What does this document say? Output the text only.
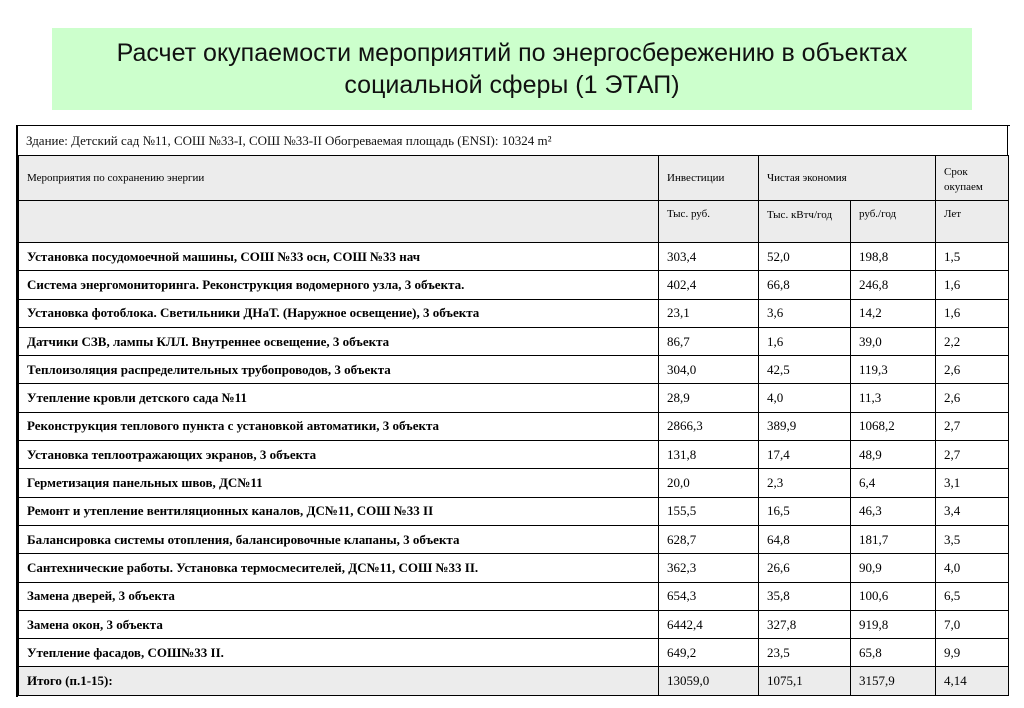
Расчет окупаемости мероприятий по энергосбережению в объектах
социальной сферы (1 ЭТАП)
Здание: Детский сад №11, СОШ №33-I, СОШ №33-II Обогреваемая площадь (ENSI): 10324 m²
Мероприятия по сохранению энергии	Инвестиции	Чистая экономия		Срок окупаем
	Тыс. руб.	Тыс. кВтч/год	руб./год	Лет
Установка посудомоечной машины, СОШ №33 осн, СОШ №33 нач	303,4	52,0	198,8	1,5
Система энергомониторинга. Реконструкция водомерного узла, 3 объекта.	402,4	66,8	246,8	1,6
Установка фотоблока. Светильники ДНаТ. (Наружное освещение), 3 объекта	23,1	3,6	14,2	1,6
Датчики СЗВ, лампы КЛЛ. Внутреннее освещение, 3 объекта	86,7	1,6	39,0	2,2
Теплоизоляция распределительных трубопроводов, 3 объекта	304,0	42,5	119,3	2,6
Утепление кровли детского сада №11	28,9	4,0	11,3	2,6
Реконструкция теплового пункта с установкой автоматики, 3 объекта	2866,3	389,9	1068,2	2,7
Установка теплоотражающих экранов, 3 объекта	131,8	17,4	48,9	2,7
Герметизация панельных швов, ДС№11	20,0	2,3	6,4	3,1
Ремонт и утепление вентиляционных каналов, ДС№11, СОШ №33 II	155,5	16,5	46,3	3,4
Балансировка системы отопления, балансировочные клапаны, 3 объекта	628,7	64,8	181,7	3,5
Сантехнические работы. Установка термосмесителей, ДС№11, СОШ №33 II.	362,3	26,6	90,9	4,0
Замена дверей, 3 объекта	654,3	35,8	100,6	6,5
Замена окон, 3 объекта	6442,4	327,8	919,8	7,0
Утепление фасадов, СОШ№33 II.	649,2	23,5	65,8	9,9
Итого (п.1-15):	13059,0	1075,1	3157,9	4,14
